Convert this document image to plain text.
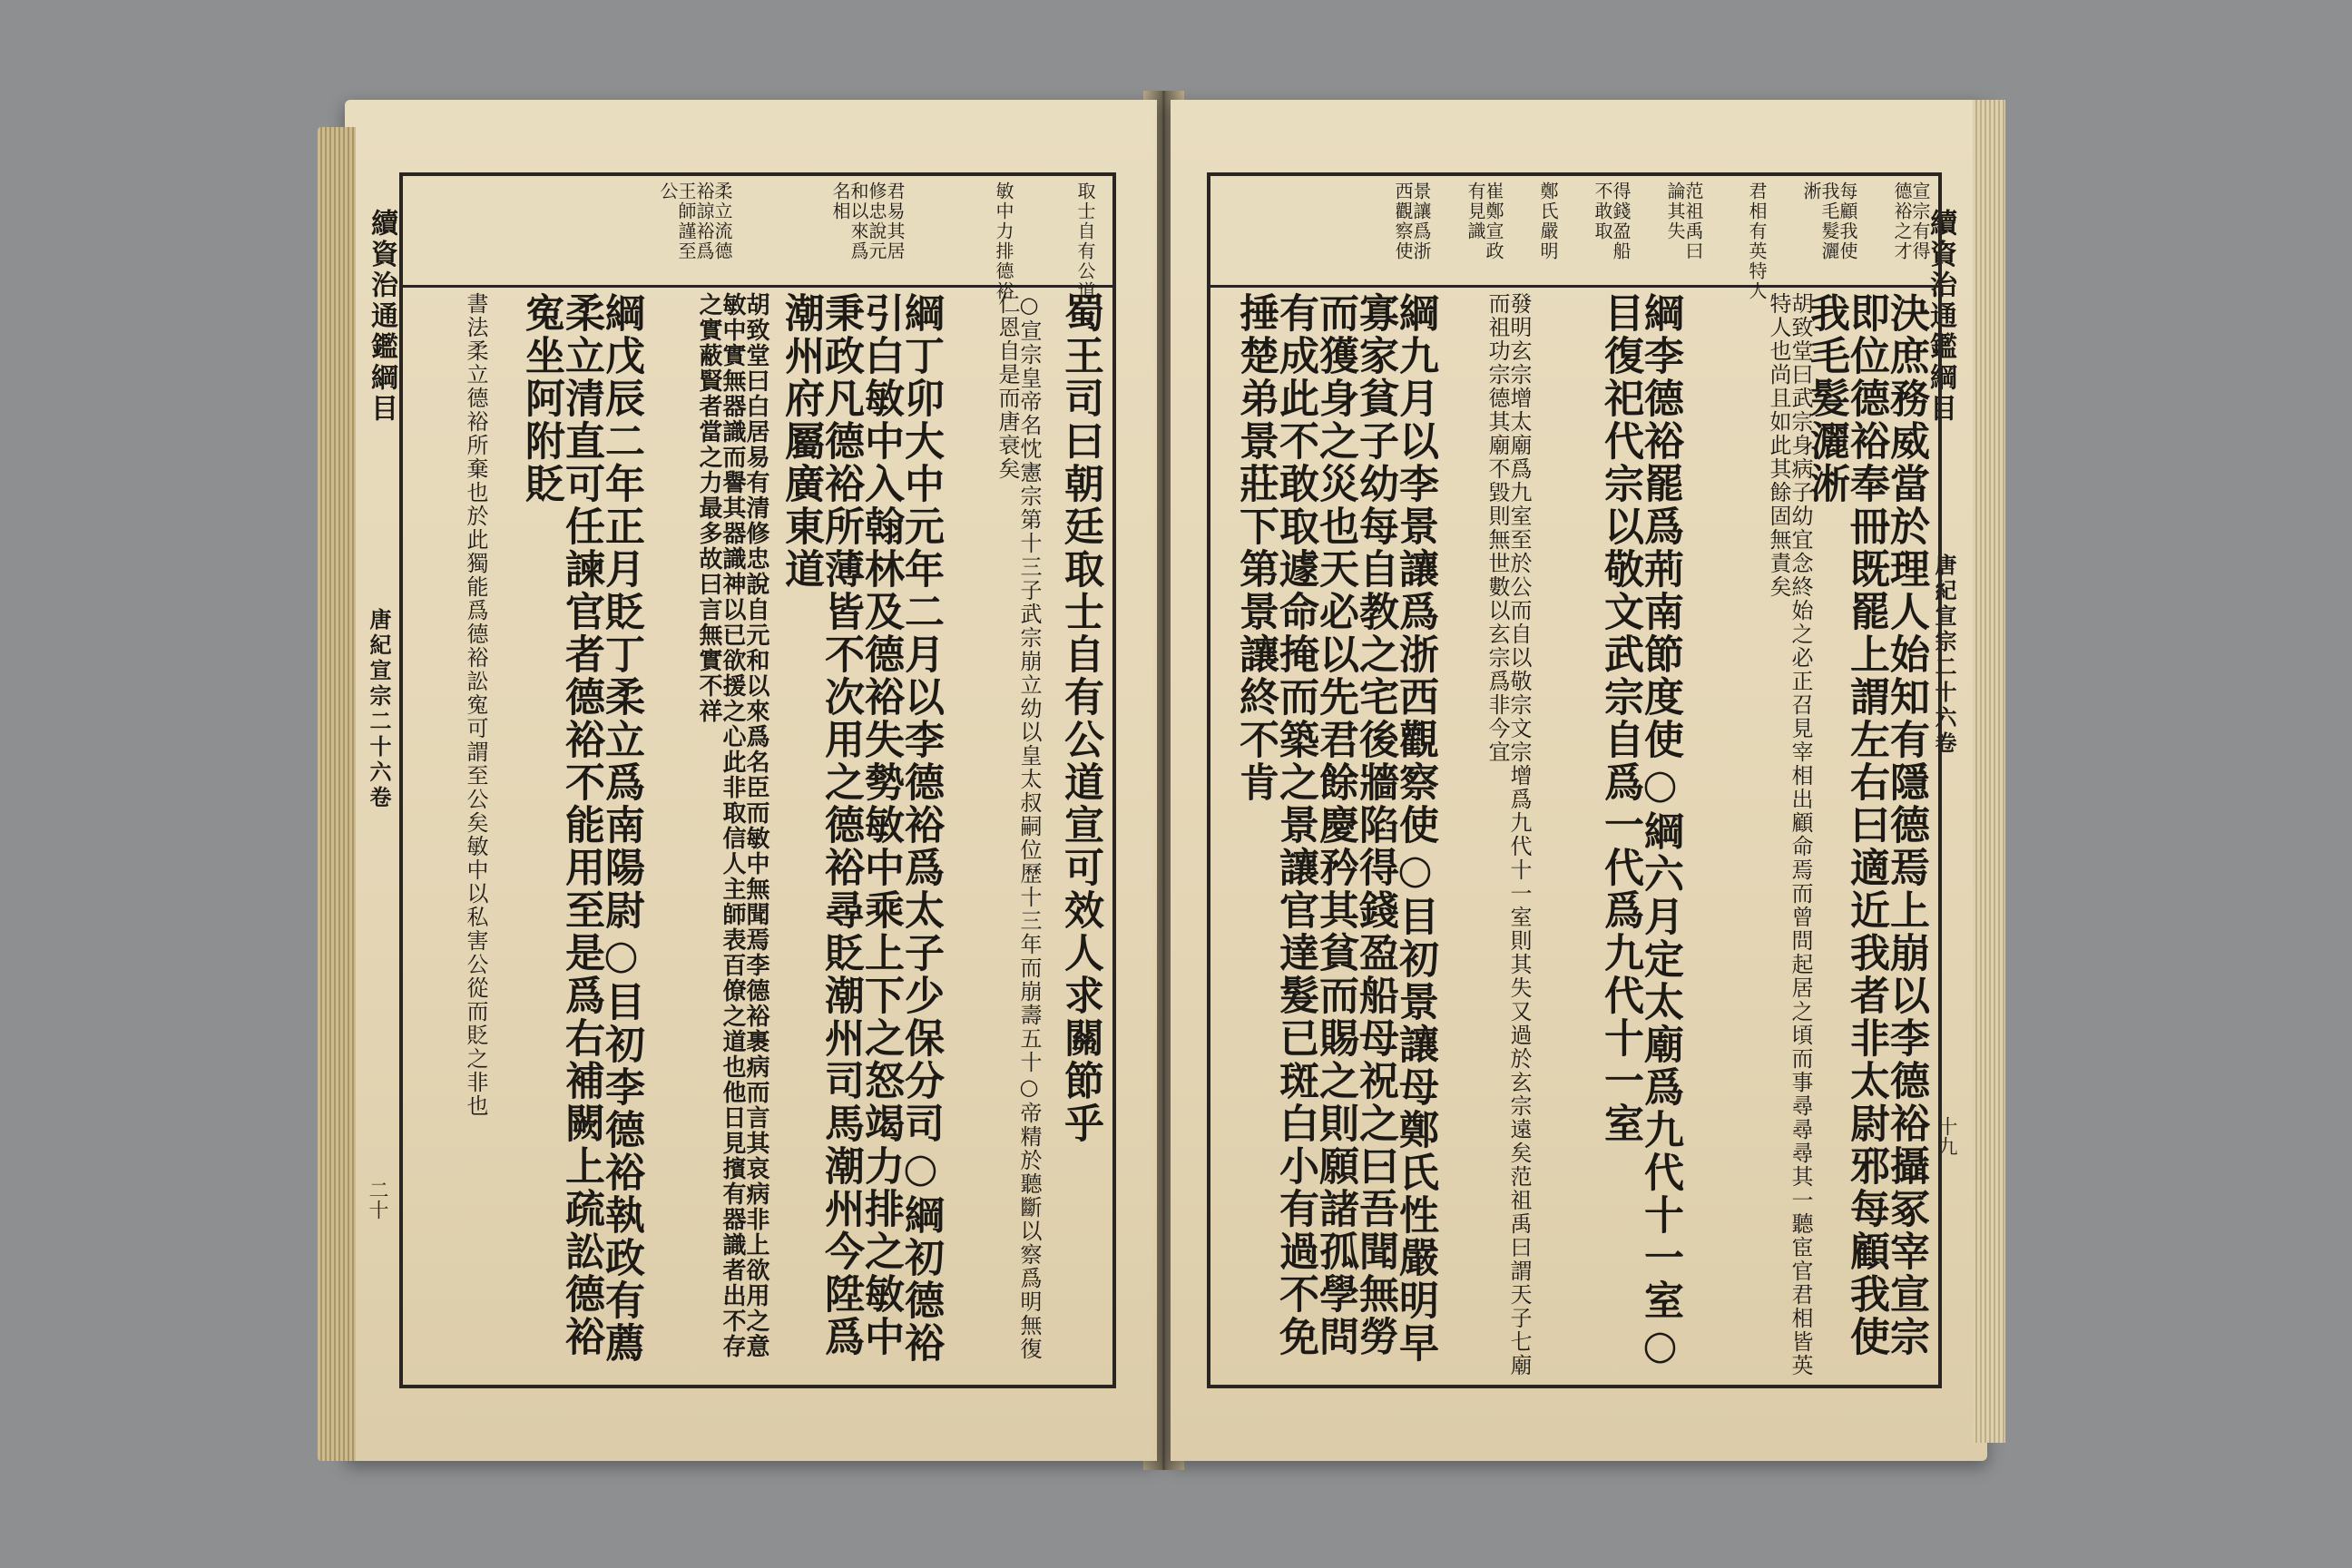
續資治通鑑綱目
唐紀宣宗二十六卷
二十
取士自有公道
敏中力排德裕
君易其居修忠說元和以來爲名相
柔立流德裕諒裕爲王師謹至公
蜀王司曰朝廷取士自有公道宣可效人求關節乎
○宣宗皇帝名忱憲宗第十三子武宗崩立幼以皇太叔嗣位歷十三年而崩壽五十○帝精於聽斷以察爲明無復仁恩自是而唐衰矣
綱丁卯大中元年二月以李德裕爲太子少保分司○綱初德裕引白敏中入翰林及德裕失勢敏中乘上下之怒竭力排之敏中秉政凡德裕所薄皆不次用之德裕尋貶潮州司馬潮州今陞爲潮州府屬廣東道
胡致堂曰白居易有清修忠說自元和以來爲名臣而敏中無聞焉李德裕裹病而言其哀病非上欲用之意敏中實無器識而譽其器識神以已欲援之心此非取信人主師表百僚之道也他日見擯有器識者出不存之實蔽賢者當之力最多故曰言無實不祥
綱戊辰二年正月貶丁柔立爲南陽尉○目初李德裕執政有薦柔立清直可任諫官者德裕不能用至是爲右補闕上疏訟德裕寃坐阿附貶
書法柔立德裕所棄也於此獨能爲德裕訟寃可謂至公矣敏中以私害公從而貶之非也	續資治通鑑綱目
唐紀宣宗二十六卷
十九
宣宗有得德裕之才
每顧我使我毛髮灑淅
君相有英特人
范祖禹曰論其失
得錢盈船不敢取
鄭氏嚴明
崔鄭宣政有見識
景讓爲浙西觀察使
決庶務威當於理人始知有隱德焉上崩以李德裕攝冢宰宣宗即位德裕奉冊既罷上謂左右曰適近我者非太尉邪每顧我使我毛髮灑淅
胡致堂曰武宗身病子幼宜念終始之必正召見宰相出顧命焉而曾問起居之頃而事尋尋尋其一聽宦官君相皆英特人也尚且如此其餘固無責矣
綱李德裕罷爲荊南節度使○綱六月定太廟爲九代十一室○目復祀代宗以敬文武宗自爲一代爲九代十一室
發明玄宗增太廟爲九室至於公而自以敬宗文宗增爲九代十一室則其失又過於玄宗遠矣范祖禹曰謂天子七廟而祖功宗德其廟不毀則無世數以玄宗爲非今宜
綱九月以李景讓爲浙西觀察使○目初景讓母鄭氏性嚴明早寡家貧子幼每自教之宅後牆陷得錢盈船母祝之曰吾聞無勞而獲身之災也天必以先君餘慶矜其貧而賜之則願諸孤學問有成此不敢取遽命掩而築之景讓官達髮已斑白小有過不免捶楚弟景莊下第景讓終不肯
